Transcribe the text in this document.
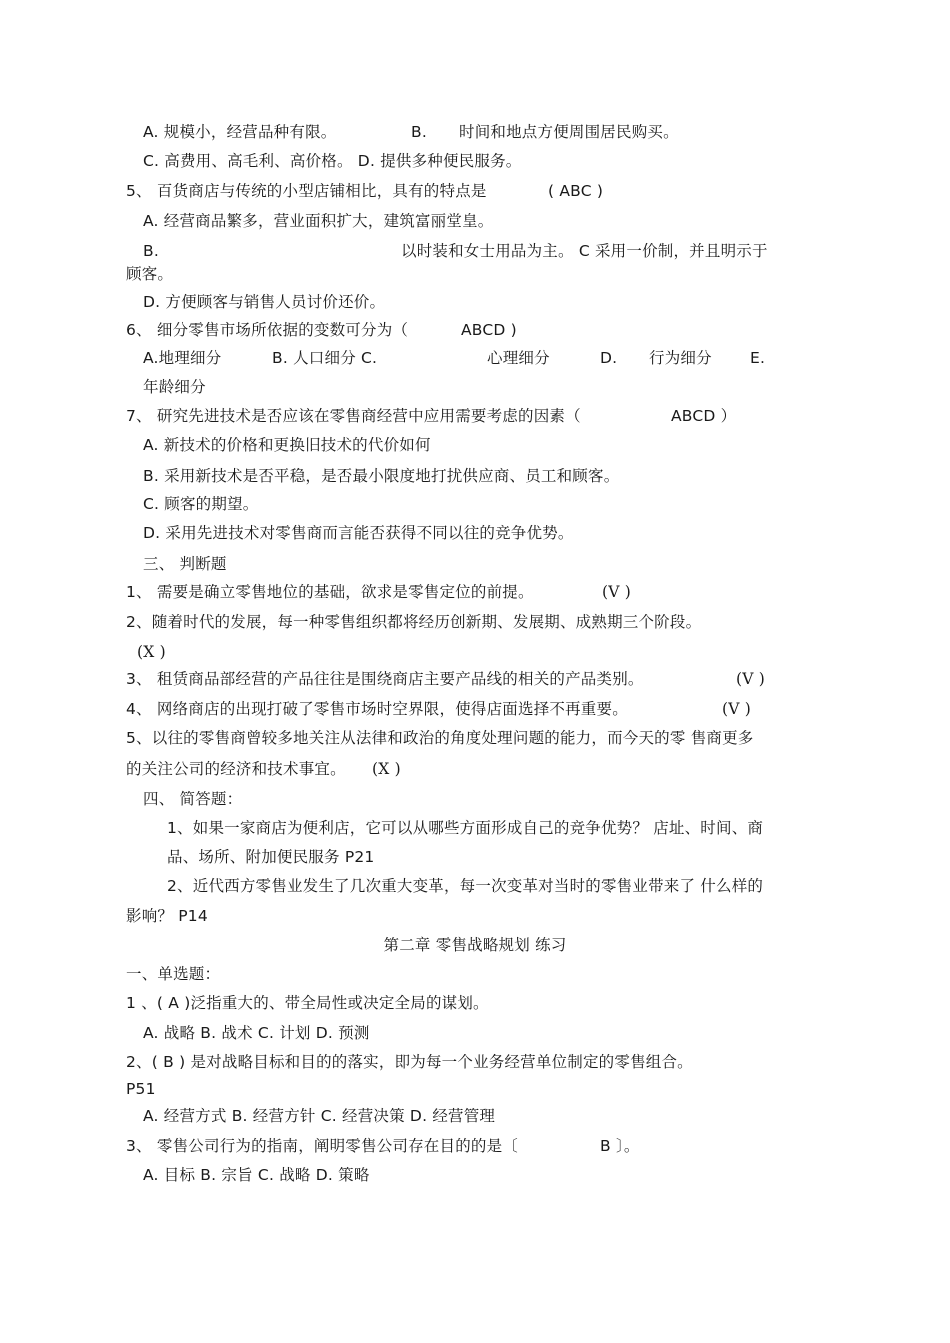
A. 规模小，经营品种有限。	B. 时间和地点方便周围居民购买。
C. 高费用、高毛利、高价格。 D. 提供多种便民服务。
5、 百货商店与传统的小型店铺相比，具有的特点是	( ABC )
A. 经营商品繁多，营业面积扩大，建筑富丽堂皇。
B.	以时装和女士用品为主。 C 采用一价制，并且明示于
顾客。
D. 方便顾客与销售人员讨价还价。
6、 细分零售市场所依据的变数可分为（	ABCD )
A.地理细分	B. 人口细分 C.	心理细分	D. 行为细分 E.
年龄细分
7、 研究先进技术是否应该在零售商经营中应用需要考虑的因素（	ABCD ）
A. 新技术的价格和更换旧技术的代价如何
B. 采用新技术是否平稳，是否最小限度地打扰供应商、员工和顾客。
C. 顾客的期望。
D. 采用先进技术对零售商而言能否获得不同以往的竞争优势。
三、 判断题
1、 需要是确立零售地位的基础，欲求是零售定位的前提。	(V )
2、随着时代的发展，每一种零售组织都将经历创新期、发展期、成熟期三个阶段。
(X )
3、 租赁商品部经营的产品往往是围绕商店主要产品线的相关的产品类别。	(V )
4、 网络商店的出现打破了零售市场时空界限，使得店面选择不再重要。	(V )
5、以往的零售商曾较多地关注从法律和政治的角度处理问题的能力，而今天的零 售商更多
的关注公司的经济和技术事宜。 (X )
四、 简答题：
1、如果一家商店为便利店，它可以从哪些方面形成自己的竞争优势？ 店址、时间、商
品、场所、附加便民服务 P21
2、近代西方零售业发生了几次重大变革，每一次变革对当时的零售业带来了 什么样的
影响？ P14
第二章 零售战略规划 练习
一、单选题：
1 、( A )泛指重大的、带全局性或决定全局的谋划。
A. 战略 B. 战术 C. 计划 D. 预测
2、( B ) 是对战略目标和目的的落实，即为每一个业务经营单位制定的零售组合。
P51
A. 经营方式 B. 经营方针 C. 经营决策 D. 经营管理
3、 零售公司行为的指南，阐明零售公司存在目的的是〔	B 〕。
A. 目标 B. 宗旨 C. 战略 D. 策略
